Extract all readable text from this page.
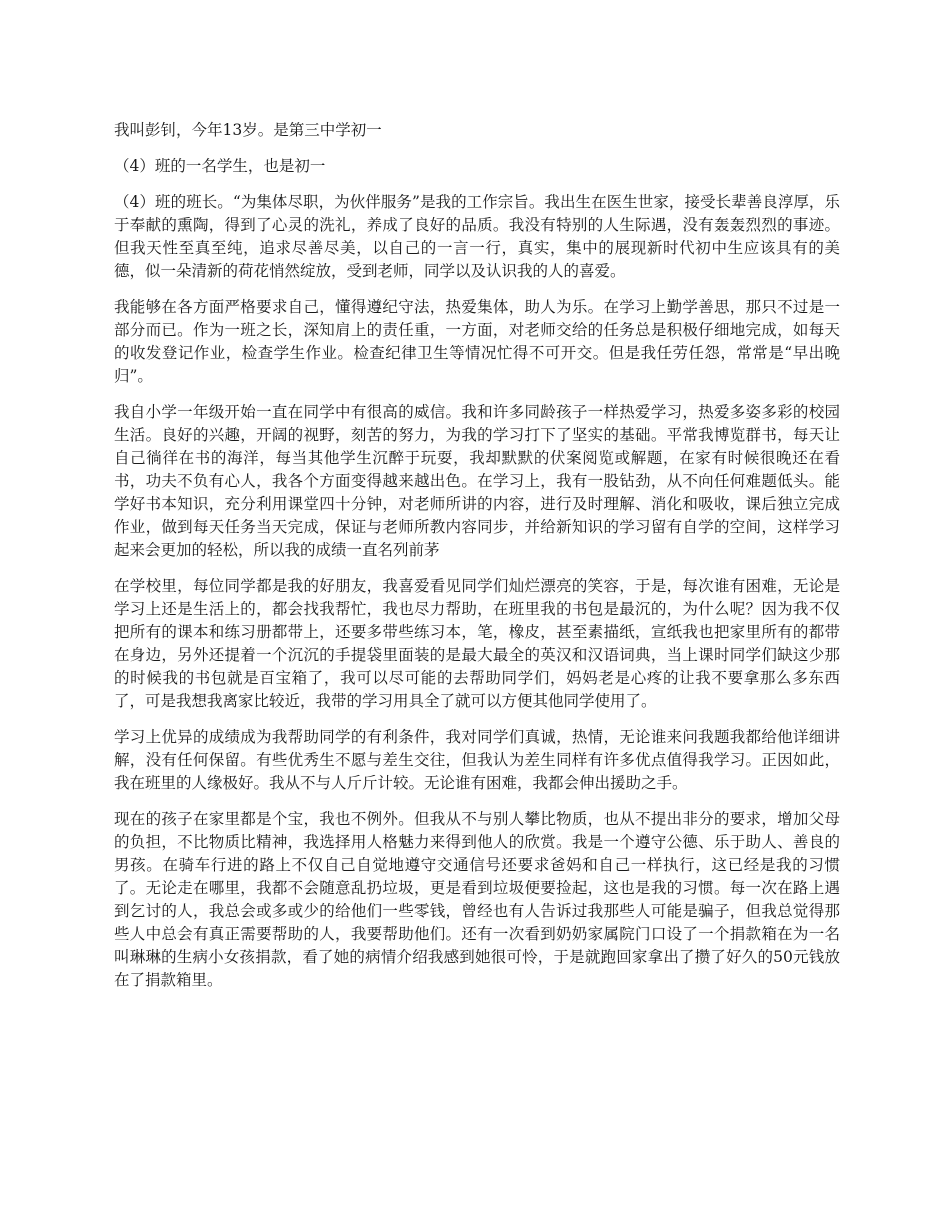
我叫彭钊，今年13岁。是第三中学初一

（4）班的一名学生，也是初一

（4）班的班长。“为集体尽职，为伙伴服务”是我的工作宗旨。我出生在医生世家，接受长辈善良淳厚，乐于奉献的熏陶，得到了心灵的洗礼，养成了良好的品质。我没有特别的人生际遇，没有轰轰烈烈的事迹。但我天性至真至纯，追求尽善尽美，以自己的一言一行，真实，集中的展现新时代初中生应该具有的美德，似一朵清新的荷花悄然绽放，受到老师，同学以及认识我的人的喜爱。

我能够在各方面严格要求自己，懂得遵纪守法，热爱集体，助人为乐。在学习上勤学善思，那只不过是一部分而已。作为一班之长，深知肩上的责任重，一方面，对老师交给的任务总是积极仔细地完成，如每天的收发登记作业，检查学生作业。检查纪律卫生等情况忙得不可开交。但是我任劳任怨，常常是“早出晚归”。

我自小学一年级开始一直在同学中有很高的威信。我和许多同龄孩子一样热爱学习，热爱多姿多彩的校园生活。良好的兴趣，开阔的视野，刻苦的努力，为我的学习打下了坚实的基础。平常我博览群书，每天让自己徜徉在书的海洋，每当其他学生沉醉于玩耍，我却默默的伏案阅览或解题，在家有时候很晚还在看书，功夫不负有心人，我各个方面变得越来越出色。在学习上，我有一股钻劲，从不向任何难题低头。能学好书本知识，充分利用课堂四十分钟，对老师所讲的内容，进行及时理解、消化和吸收，课后独立完成作业，做到每天任务当天完成，保证与老师所教内容同步，并给新知识的学习留有自学的空间，这样学习起来会更加的轻松，所以我的成绩一直名列前茅

在学校里，每位同学都是我的好朋友，我喜爱看见同学们灿烂漂亮的笑容，于是，每次谁有困难，无论是学习上还是生活上的，都会找我帮忙，我也尽力帮助，在班里我的书包是最沉的，为什么呢？因为我不仅把所有的课本和练习册都带上，还要多带些练习本，笔，橡皮，甚至素描纸，宣纸我也把家里所有的都带在身边，另外还提着一个沉沉的手提袋里面装的是最大最全的英汉和汉语词典，当上课时同学们缺这少那的时候我的书包就是百宝箱了，我可以尽可能的去帮助同学们，妈妈老是心疼的让我不要拿那么多东西了，可是我想我离家比较近，我带的学习用具全了就可以方便其他同学使用了。

学习上优异的成绩成为我帮助同学的有利条件，我对同学们真诚，热情，无论谁来问我题我都给他详细讲解，没有任何保留。有些优秀生不愿与差生交往，但我认为差生同样有许多优点值得我学习。正因如此，我在班里的人缘极好。我从不与人斤斤计较。无论谁有困难，我都会伸出援助之手。

现在的孩子在家里都是个宝，我也不例外。但我从不与别人攀比物质，也从不提出非分的要求，增加父母的负担，不比物质比精神，我选择用人格魅力来得到他人的欣赏。我是一个遵守公德、乐于助人、善良的男孩。在骑车行进的路上不仅自己自觉地遵守交通信号还要求爸妈和自己一样执行，这已经是我的习惯了。无论走在哪里，我都不会随意乱扔垃圾，更是看到垃圾便要捡起，这也是我的习惯。每一次在路上遇到乞讨的人，我总会或多或少的给他们一些零钱，曾经也有人告诉过我那些人可能是骗子，但我总觉得那些人中总会有真正需要帮助的人，我要帮助他们。还有一次看到奶奶家属院门口设了一个捐款箱在为一名叫琳琳的生病小女孩捐款，看了她的病情介绍我感到她很可怜，于是就跑回家拿出了攒了好久的50元钱放在了捐款箱里。
